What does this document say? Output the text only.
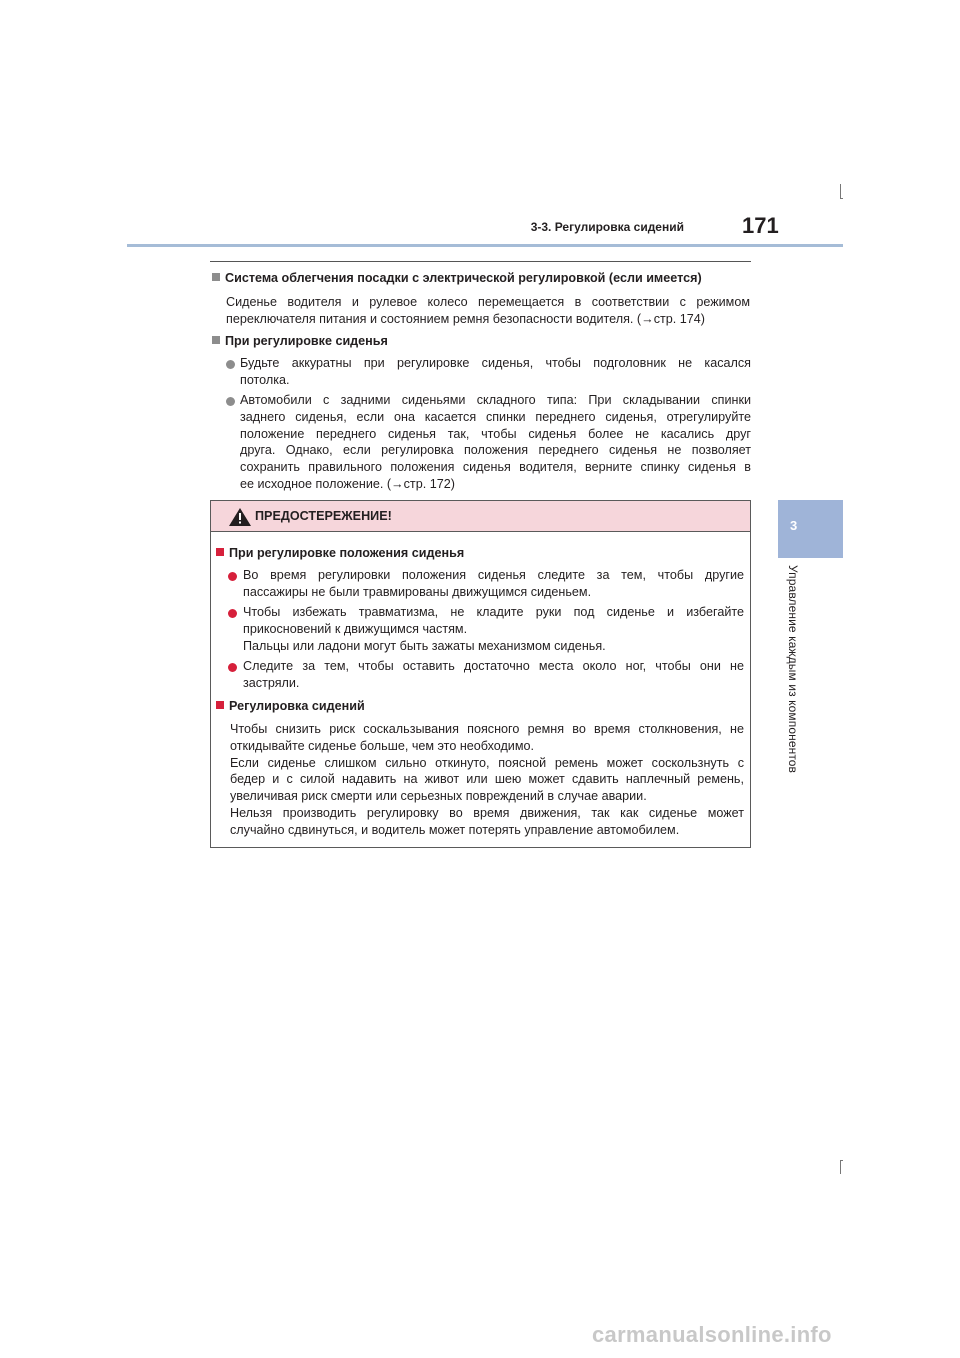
3-3. Регулировка сидений	171
3
Управление каждым из компонентов
Система облегчения посадки с электрической регулировкой (если имеется)
Сиденье водителя и рулевое колесо перемещается в соответствии с режимом
переключателя питания и состоянием ремня безопасности водителя. (→стр. 174)
При регулировке сиденья
Будьте аккуратны при регулировке сиденья, чтобы подголовник не касался
потолка.
Автомобили с задними сиденьями складного типа: При складывании спинки
заднего сиденья, если она касается спинки переднего сиденья, отрегулируйте
положение переднего сиденья так, чтобы сиденья более не касались друг
друга. Однако, если регулировка положения переднего сиденья не позволяет
сохранить правильного положения сиденья водителя, верните спинку сиденья в
ее исходное положение. (→стр. 172)
ПРЕДОСТЕРЕЖЕНИЕ!
При регулировке положения сиденья
Во время регулировки положения сиденья следите за тем, чтобы другие
пассажиры не были травмированы движущимся сиденьем.
Чтобы избежать травматизма, не кладите руки под сиденье и избегайте
прикосновений к движущимся частям.
Пальцы или ладони могут быть зажаты механизмом сиденья.
Следите за тем, чтобы оставить достаточно места около ног, чтобы они не
застряли.
Регулировка сидений
Чтобы снизить риск соскальзывания поясного ремня во время столкновения, не
откидывайте сиденье больше, чем это необходимо.
Если сиденье слишком сильно откинуто, поясной ремень может соскользнуть с
бедер и с силой надавить на живот или шею может сдавить наплечный ремень,
увеличивая риск смерти или серьезных повреждений в случае аварии.
Нельзя производить регулировку во время движения, так как сиденье может
случайно сдвинуться, и водитель может потерять управление автомобилем.
carmanualsonline.info
